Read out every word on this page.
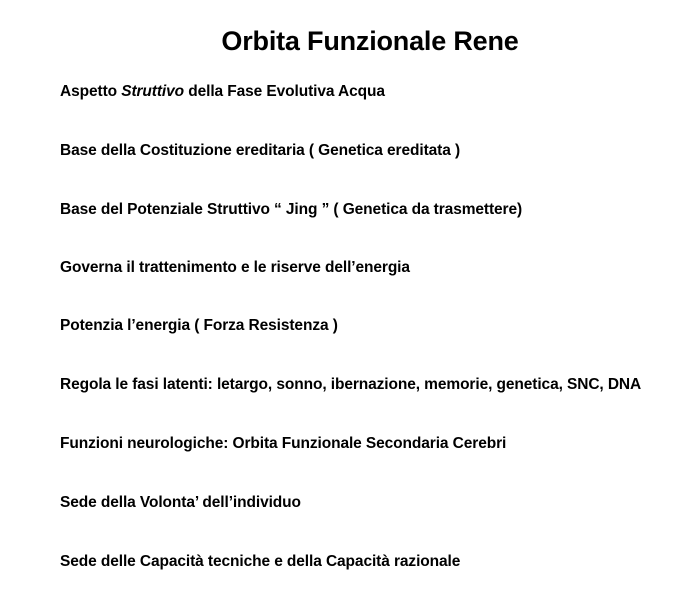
Orbita Funzionale Rene
Aspetto Struttivo della Fase Evolutiva Acqua
Base della Costituzione ereditaria ( Genetica ereditata )
Base del Potenziale Struttivo “ Jing ” ( Genetica da trasmettere)
Governa il trattenimento e le riserve dell’energia
Potenzia l’energia ( Forza Resistenza )
Regola le fasi latenti: letargo, sonno, ibernazione, memorie, genetica, SNC, DNA
Funzioni neurologiche: Orbita Funzionale Secondaria Cerebri
Sede della Volonta’ dell’individuo
Sede delle Capacità tecniche e della Capacità razionale
